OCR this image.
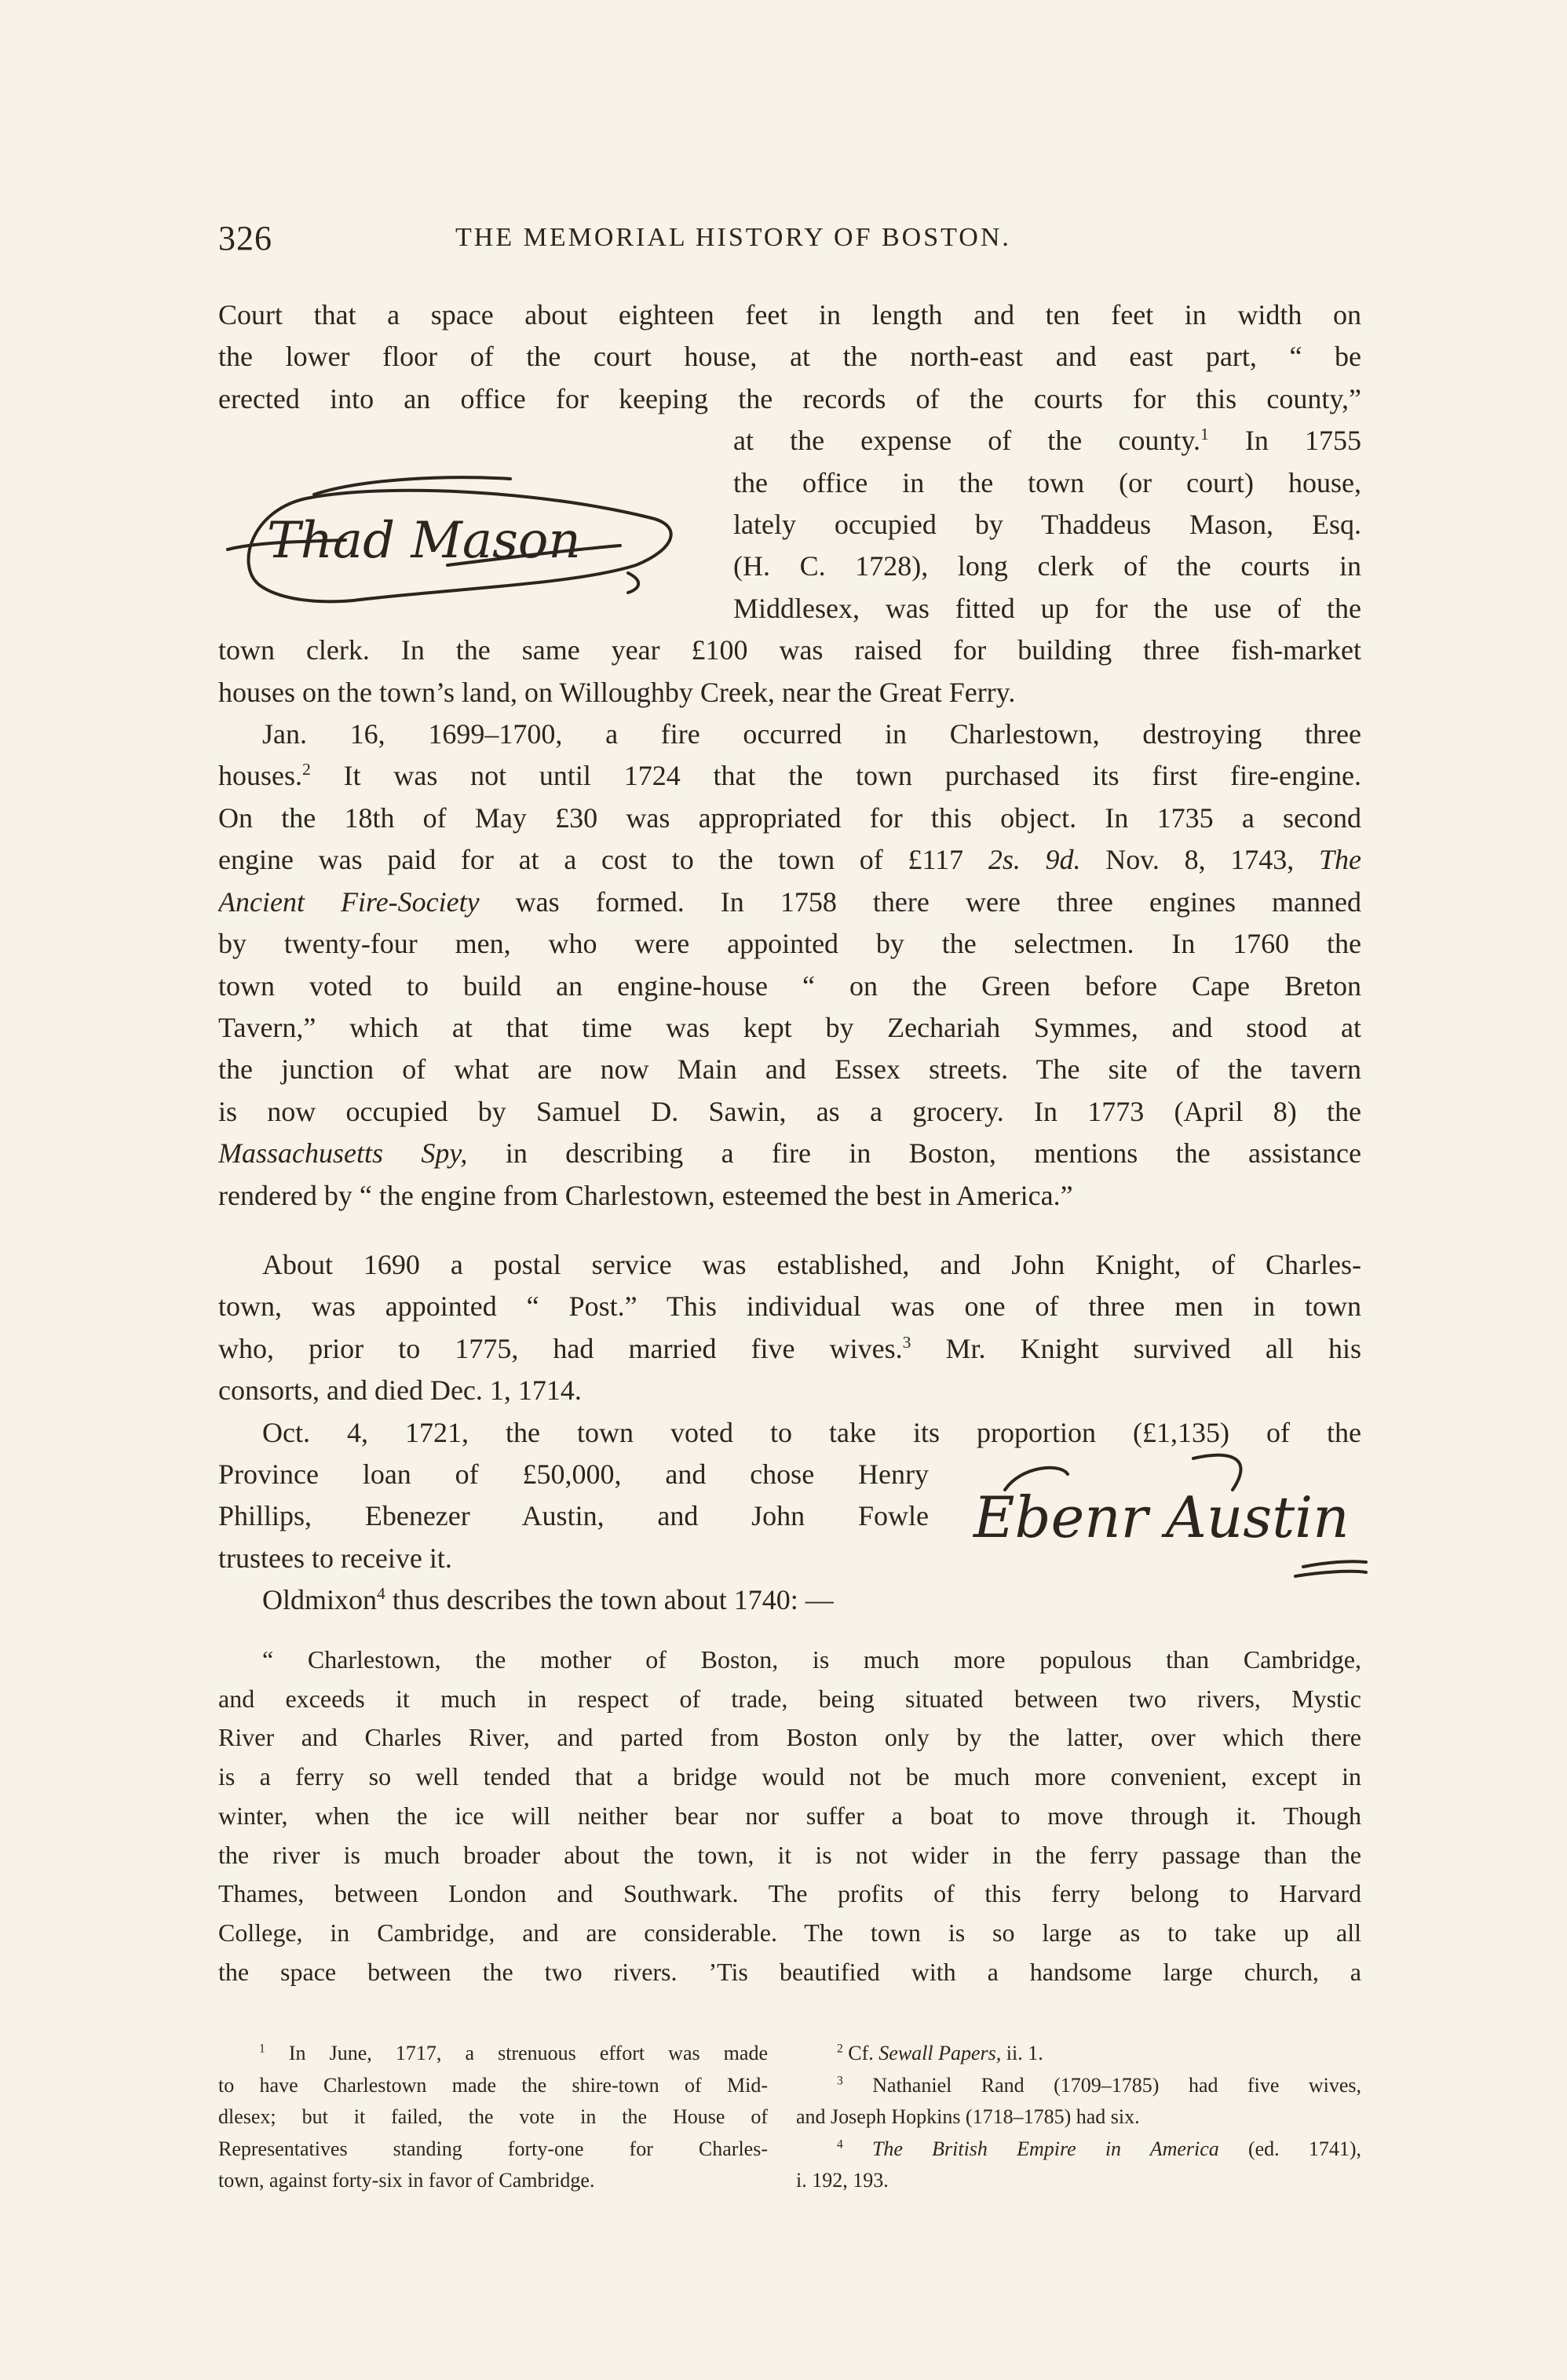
326	THE MEMORIAL HISTORY OF BOSTON.
Court that a space about eighteen feet in length and ten feet in width on
the lower floor of the court house, at the north-east and east part, “ be
erected into an office for keeping the records of the courts for this county,”
at the expense of the county.$^1$ In 1755
the office in the town (or court) house,
lately occupied by Thaddeus Mason, Esq.
(H. C. 1728), long clerk of the courts in
Middlesex, was fitted up for the use of the
town clerk. In the same year £100 was raised for building three fish-market
houses on the town’s land, on Willoughby Creek, near the Great Ferry.
Jan. 16, 1699–1700, a fire occurred in Charlestown, destroying three
houses.$^2$ It was not until 1724 that the town purchased its first fire-engine.
On the 18th of May £30 was appropriated for this object. In 1735 a second
engine was paid for at a cost to the town of £117 2s. 9d. Nov. 8, 1743, The
Ancient Fire-Society was formed. In 1758 there were three engines manned
by twenty-four men, who were appointed by the selectmen. In 1760 the
town voted to build an engine-house “ on the Green before Cape Breton
Tavern,” which at that time was kept by Zechariah Symmes, and stood at
the junction of what are now Main and Essex streets. The site of the tavern
is now occupied by Samuel D. Sawin, as a grocery. In 1773 (April 8) the
Massachusetts Spy, in describing a fire in Boston, mentions the assistance
rendered by “ the engine from Charlestown, esteemed the best in America.”
About 1690 a postal service was established, and John Knight, of Charles-
town, was appointed “ Post.” This individual was one of three men in town
who, prior to 1775, had married five wives.$^3$ Mr. Knight survived all his
consorts, and died Dec. 1, 1714.
Oct. 4, 1721, the town voted to take its proportion (£1,135) of the
Province loan of £50,000, and chose Henry
Phillips, Ebenezer Austin, and John Fowle
trustees to receive it.
Oldmixon$^4$ thus describes the town about 1740: —
“ Charlestown, the mother of Boston, is much more populous than Cambridge,
and exceeds it much in respect of trade, being situated between two rivers, Mystic
River and Charles River, and parted from Boston only by the latter, over which there
is a ferry so well tended that a bridge would not be much more convenient, except in
winter, when the ice will neither bear nor suffer a boat to move through it. Though
the river is much broader about the town, it is not wider in the ferry passage than the
Thames, between London and Southwark. The profits of this ferry belong to Harvard
College, in Cambridge, and are considerable. The town is so large as to take up all
the space between the two rivers. ’Tis beautified with a handsome large church, a
$^1$ In June, 1717, a strenuous effort was made
to have Charlestown made the shire-town of Mid-
dlesex; but it failed, the vote in the House of
Representatives standing forty-one for Charles-
town, against forty-six in favor of Cambridge.
$^2$ Cf. Sewall Papers, ii. 1.
$^3$ Nathaniel Rand (1709–1785) had five wives,
and Joseph Hopkins (1718–1785) had six.
$^4$ The British Empire in America (ed. 1741),
i. 192, 193.
Thad Mason
Ebenr Austin
